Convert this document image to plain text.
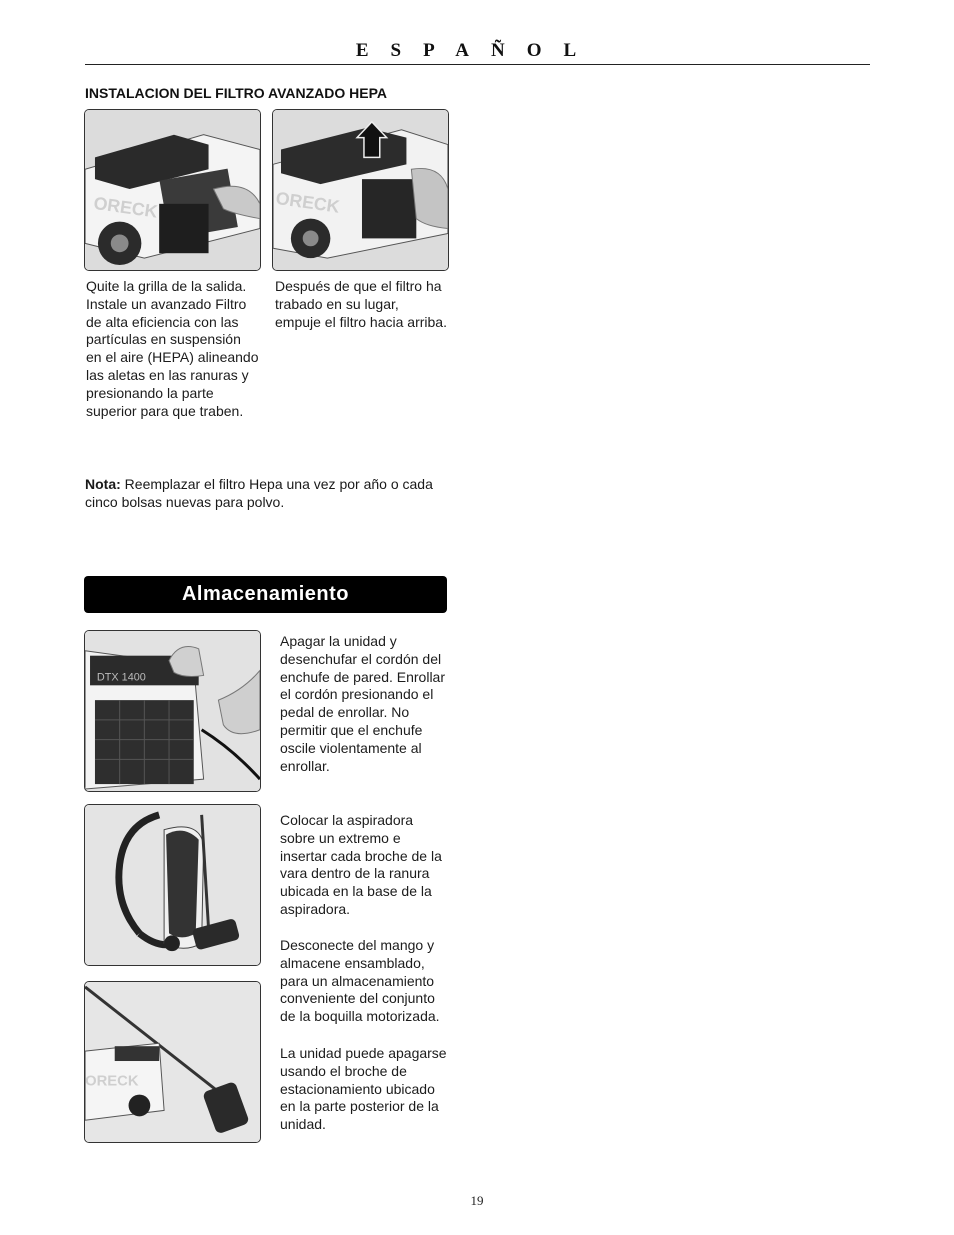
ESPAÑOL
INSTALACION DEL FILTRO AVANZADO HEPA
ORECK	ORECK
Quite la grilla de la salida. Instale un avanzado Filtro de alta eficiencia con las partículas en suspensión en el aire (HEPA) alineando las aletas en las ranuras y presionando la parte superior para que traben.
Después de que el filtro ha trabado en su lugar, empuje el filtro hacia arriba.
Nota: Reemplazar el filtro Hepa una vez por año o cada cinco bolsas nuevas para polvo.
Almacenamiento
DTX 1400
ORECK
Apagar la unidad y desenchufar el cordón del enchufe de pared. Enrollar el cordón presionando el pedal de enrollar. No permitir que el enchufe oscile violentamente al enrollar.
Colocar la aspiradora sobre un extremo e insertar cada broche de la vara dentro de la ranura ubicada en la base de la aspiradora.
Desconecte del mango y almacene ensamblado, para un almacenamiento conveniente del conjunto de la boquilla motorizada.
La unidad puede apagarse usando el broche de estacionamiento ubicado en la parte posterior de la unidad.
19
